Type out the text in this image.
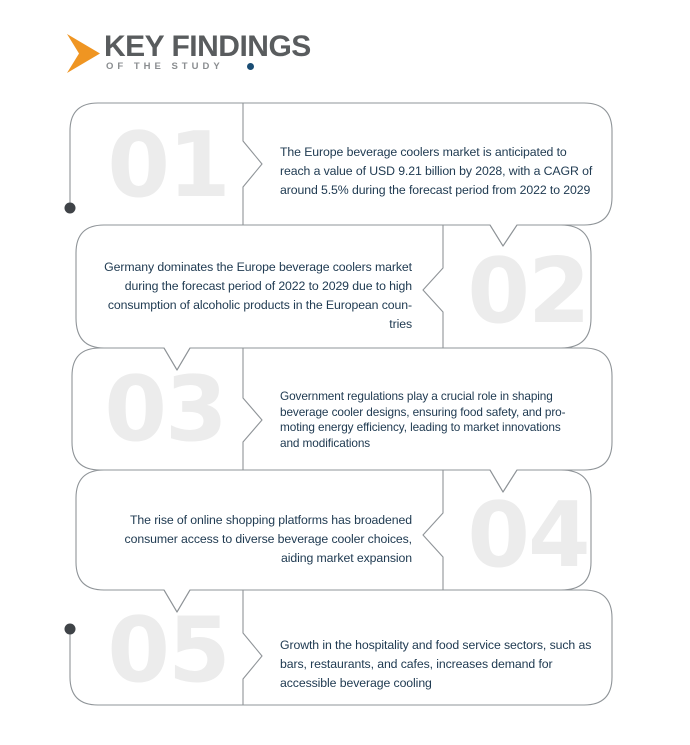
KEY FINDINGS
OF THE STUDY
01
02
03
04
05
The Europe beverage coolers market is anticipated to
reach a value of USD 9.21 billion by 2028, with a CAGR of
around 5.5% during the forecast period from 2022 to 2029
Germany dominates the Europe beverage coolers market
during the forecast period of 2022 to 2029 due to high
consumption of alcoholic products in the European coun-
tries
Government regulations play a crucial role in shaping
beverage cooler designs, ensuring food safety, and pro-
moting energy efficiency, leading to market innovations
and modifications
The rise of online shopping platforms has broadened
consumer access to diverse beverage cooler choices,
aiding market expansion
Growth in the hospitality and food service sectors, such as
bars, restaurants, and cafes, increases demand for
accessible beverage cooling
